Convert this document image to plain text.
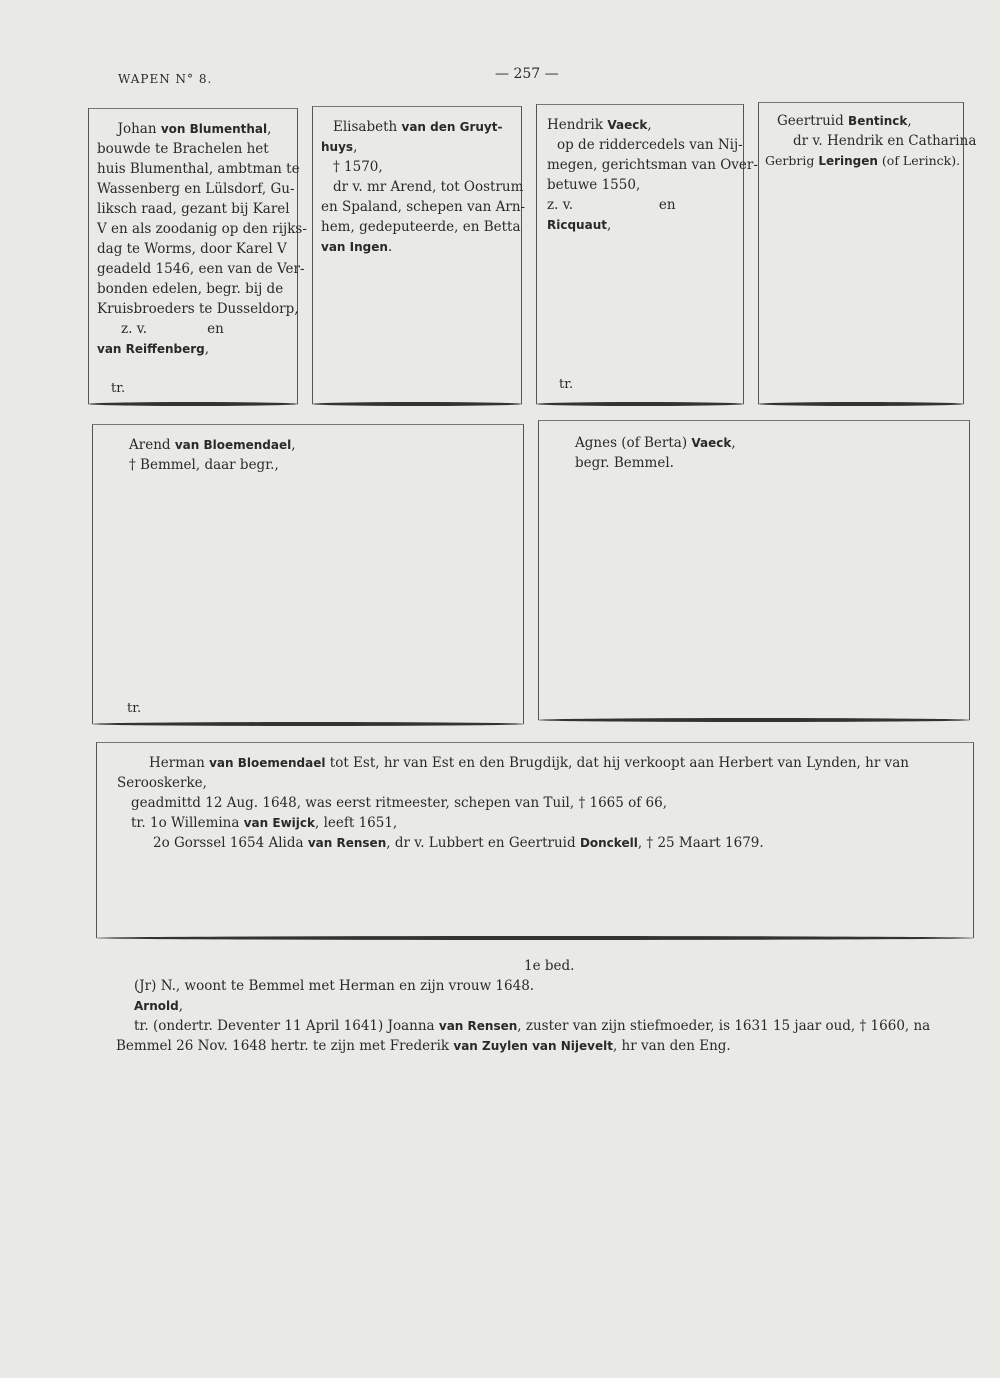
WAPEN N° 8.	— 257 —
Johan von Blumenthal,
bouwde te Brachelen het
huis Blumenthal, ambtman te
Wassenberg en Lülsdorf, Gu-
liksch raad, gezant bij Karel
V en als zoodanig op den rijks-
dag te Worms, door Karel V
geadeld 1546, een van de Ver-
bonden edelen, begr. bij de
Kruisbroeders te Dusseldorp,
z. v.              en
van Reiffenberg,
tr.
Elisabeth van den Gruyt-
huys,
† 1570,
dr v. mr Arend, tot Oostrum
en Spaland, schepen van Arn-
hem, gedeputeerde, en Betta
van Ingen.
Hendrik Vaeck,
op de riddercedels van Nij-
megen, gerichtsman van Over-
betuwe 1550,
z. v.                    en
Ricquaut,
tr.
Geertruid Bentinck,
dr v. Hendrik en Catharina
Gerbrig Leringen (of Lerinck).
Arend van Bloemendael,
† Bemmel, daar begr.,
tr.
Agnes (of Berta) Vaeck,
begr. Bemmel.
Herman van Bloemendael tot Est, hr van Est en den Brugdijk, dat hij verkoopt aan Herbert van Lynden, hr van
Serooskerke,
geadmittd 12 Aug. 1648, was eerst ritmeester, schepen van Tuil, † 1665 of 66,
tr. 1o Willemina van Ewijck, leeft 1651,
2o Gorssel 1654 Alida van Rensen, dr v. Lubbert en Geertruid Donckell, † 25 Maart 1679.
1e bed.
(Jr) N., woont te Bemmel met Herman en zijn vrouw 1648.
Arnold,
tr. (ondertr. Deventer 11 April 1641) Joanna van Rensen, zuster van zijn stiefmoeder, is 1631 15 jaar oud, † 1660, na
Bemmel 26 Nov. 1648 hertr. te zijn met Frederik van Zuylen van Nijevelt, hr van den Eng.
